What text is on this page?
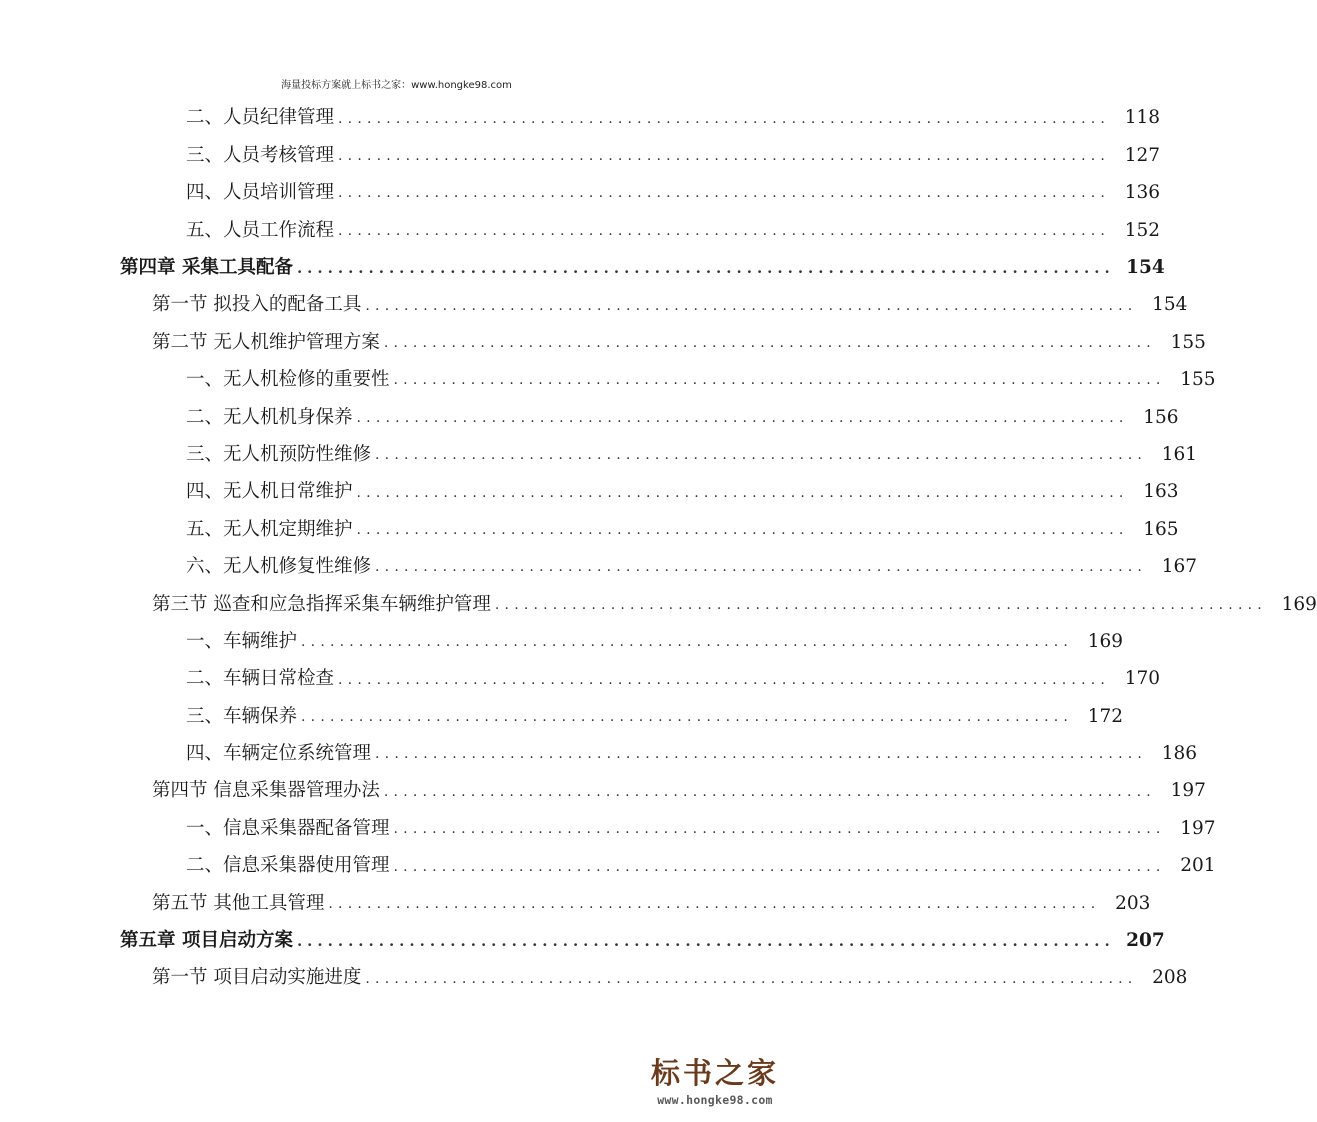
海量投标方案就上标书之家：www.hongke98.com
二、人员纪律管理 ................................................................................ 118
三、人员考核管理 ................................................................................ 127
四、人员培训管理 ................................................................................ 136
五、人员工作流程 ................................................................................ 152
第四章 采集工具配备 ................................................................................ 154
第一节 拟投入的配备工具 ................................................................................ 154
第二节 无人机维护管理方案 ................................................................................ 155
一、无人机检修的重要性 ................................................................................ 155
二、无人机机身保养 ................................................................................ 156
三、无人机预防性维修 ................................................................................ 161
四、无人机日常维护 ................................................................................ 163
五、无人机定期维护 ................................................................................ 165
六、无人机修复性维修 ................................................................................ 167
第三节 巡查和应急指挥采集车辆维护管理 ................................................................................ 169
一、车辆维护 ................................................................................ 169
二、车辆日常检查 ................................................................................ 170
三、车辆保养 ................................................................................ 172
四、车辆定位系统管理 ................................................................................ 186
第四节 信息采集器管理办法 ................................................................................ 197
一、信息采集器配备管理 ................................................................................ 197
二、信息采集器使用管理 ................................................................................ 201
第五节 其他工具管理 ................................................................................ 203
第五章 项目启动方案 ................................................................................ 207
第一节 项目启动实施进度 ................................................................................ 208
标书之家
www.hongke98.com
